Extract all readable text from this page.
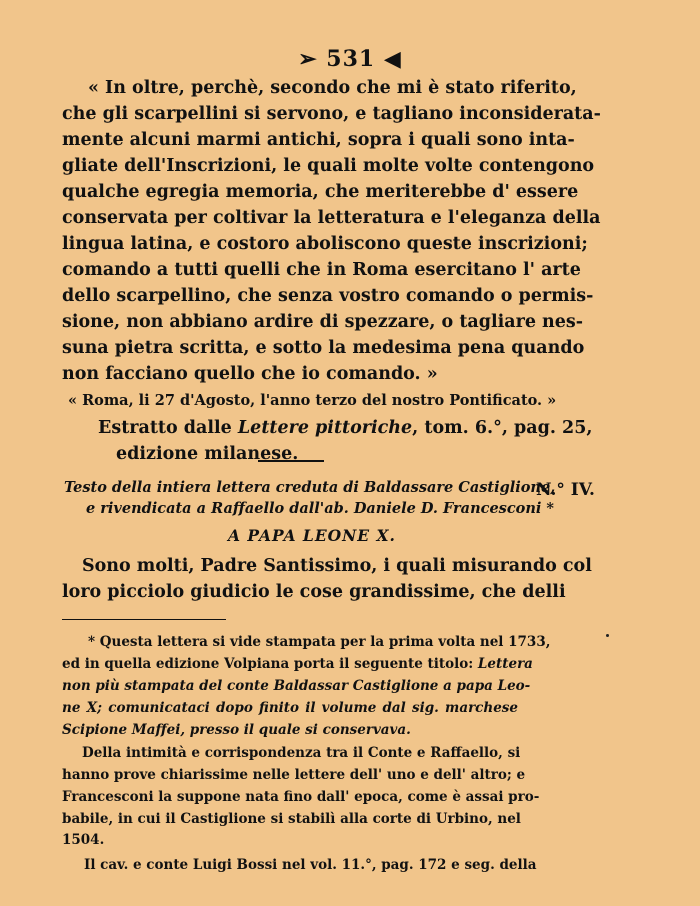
➢ 531 ◀
« In oltre, perchè, secondo che mi è stato riferito,
che gli scarpellini si servono, e tagliano inconsideratа-
mente alcuni marmi antichi, sopra i quali sono intа-
gliate dell'Inscrizioni, le quali molte volte contengono
qualche egregia memoria, che meriterebbe d' essere
conservata per coltivar la letteratura e l'eleganza della
lingua latina, e costoro aboliscono queste inscrizioni;
comando a tutti quelli che in Roma esercitano l' arte
dello scarpellino, che senza vostro comando o permis-
sione, non abbiano ardire di spezzare, o tagliare nes-
suna pietra scritta, e sotto la medesima pena quando
non facciano quello che io comando. »
« Roma, li 27 d'Agosto, l'anno terzo del nostro Pontificato. »
Estratto dalle Lettere pittoriche, tom. 6.°, pag. 25,
edizione milanese.
Testo della intiera lettera creduta di Baldassare Castiglione,
e rivendicata a Raffaello dall'ab. Daniele D. Francesconi *
N.° IV.
A PAPA LEONE X.
Sono molti, Padre Santissimo, i quali misurando col
loro picciolo giudicio le cose grandissime, che delli
* Questa lettera si vide stampata per la prima volta nel 1733,
ed in quella edizione Volpiana porta il seguente titolo: Lettera
non più stampata del conte Baldassar Castiglione a papa Leo-
ne X; comunicataci dopo finito il volume dal sig. marchese
Scipione Maffei, presso il quale si conservava.
Della intimità e corrispondenza tra il Conte e Raffaello, si
hanno prove chiarissime nelle lettere dell' uno e dell' altro; e
Francesconi la suppone nata fino dall' epoca, come è assai pro-
babile, in cui il Castiglione si stabilì alla corte di Urbino, nel
1504.
Il cav. e conte Luigi Bossi nel vol. 11.°, pag. 172 e seg. della
